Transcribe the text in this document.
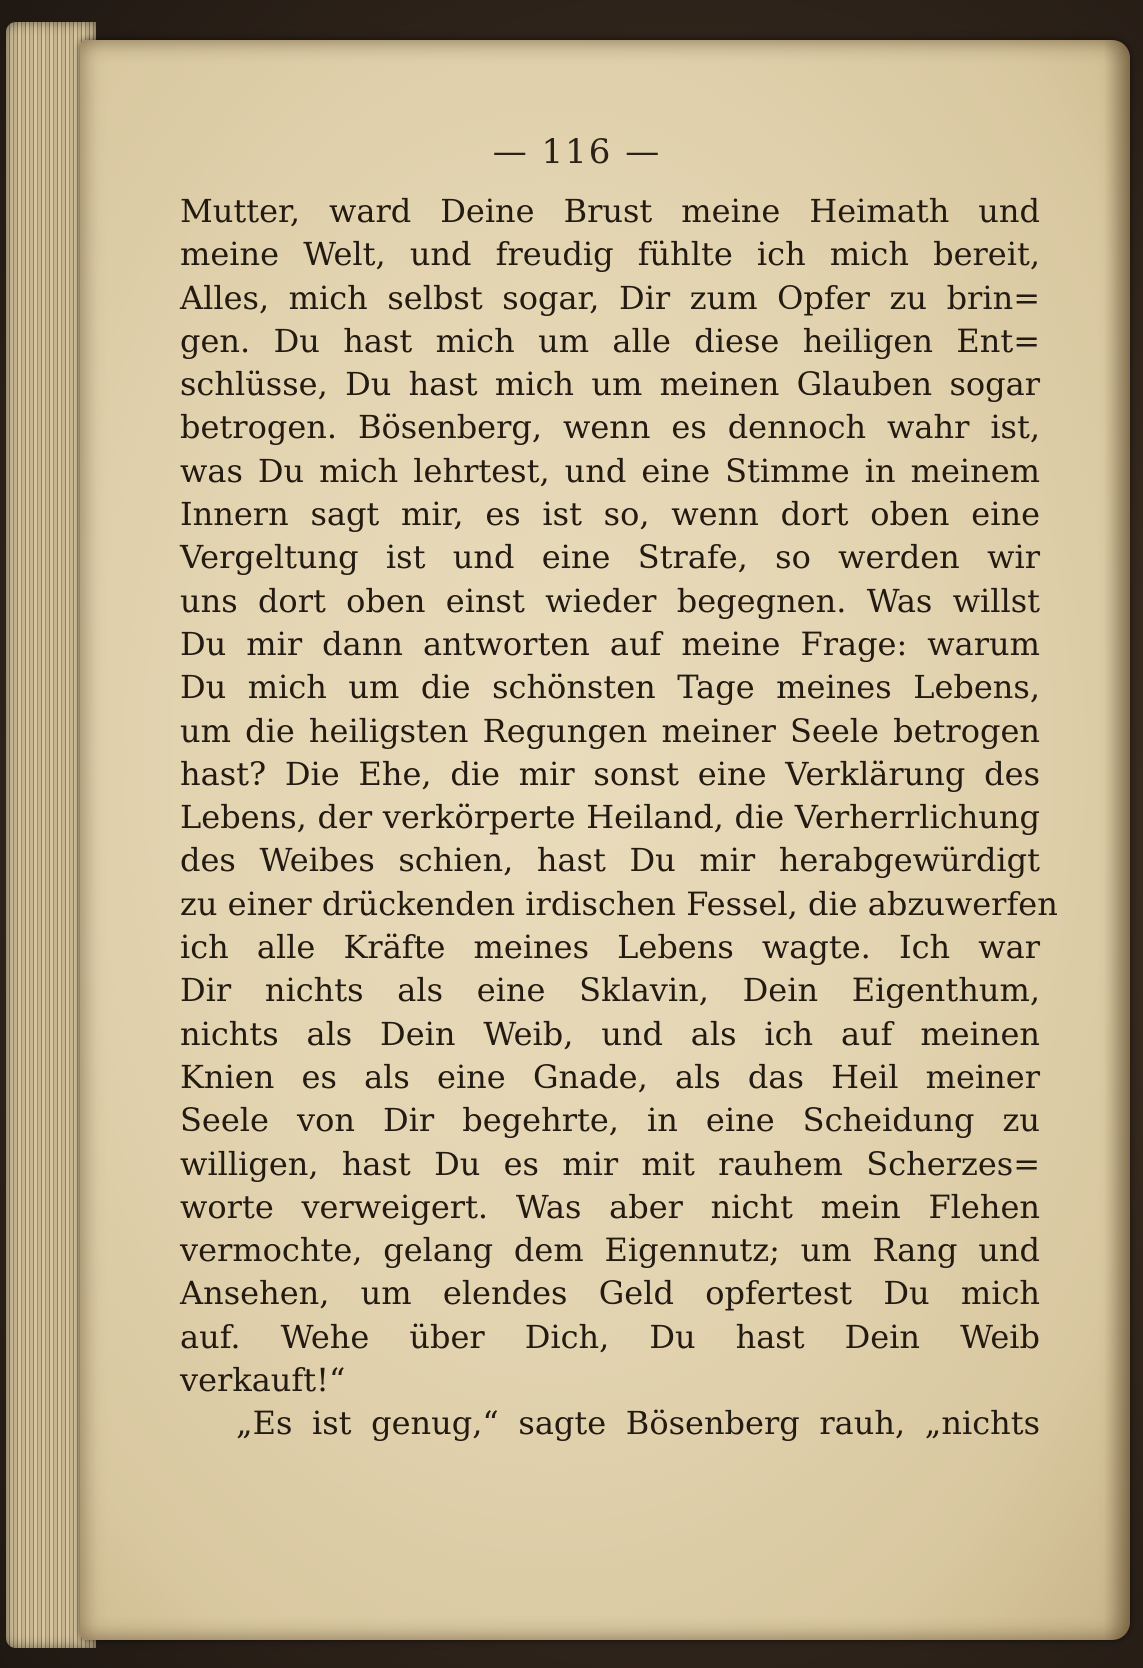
— 116 —
Mutter, ward Deine Brust meine Heimath und
meine Welt, und freudig fühlte ich mich bereit,
Alles, mich selbst sogar, Dir zum Opfer zu brin=
gen. Du hast mich um alle diese heiligen Ent=
schlüsse, Du hast mich um meinen Glauben sogar
betrogen. Bösenberg, wenn es dennoch wahr ist,
was Du mich lehrtest, und eine Stimme in meinem
Innern sagt mir, es ist so, wenn dort oben eine
Vergeltung ist und eine Strafe, so werden wir
uns dort oben einst wieder begegnen. Was willst
Du mir dann antworten auf meine Frage: warum
Du mich um die schönsten Tage meines Lebens,
um die heiligsten Regungen meiner Seele betrogen
hast? Die Ehe, die mir sonst eine Verklärung des
Lebens, der verkörperte Heiland, die Verherrlichung
des Weibes schien, hast Du mir herabgewürdigt
zu einer drückenden irdischen Fessel, die abzuwerfen
ich alle Kräfte meines Lebens wagte. Ich war
Dir nichts als eine Sklavin, Dein Eigenthum,
nichts als Dein Weib, und als ich auf meinen
Knien es als eine Gnade, als das Heil meiner
Seele von Dir begehrte, in eine Scheidung zu
willigen, hast Du es mir mit rauhem Scherzes=
worte verweigert. Was aber nicht mein Flehen
vermochte, gelang dem Eigennutz; um Rang und
Ansehen, um elendes Geld opfertest Du mich
auf. Wehe über Dich, Du hast Dein Weib
verkauft!“
„Es ist genug,“ sagte Bösenberg rauh, „nichts
